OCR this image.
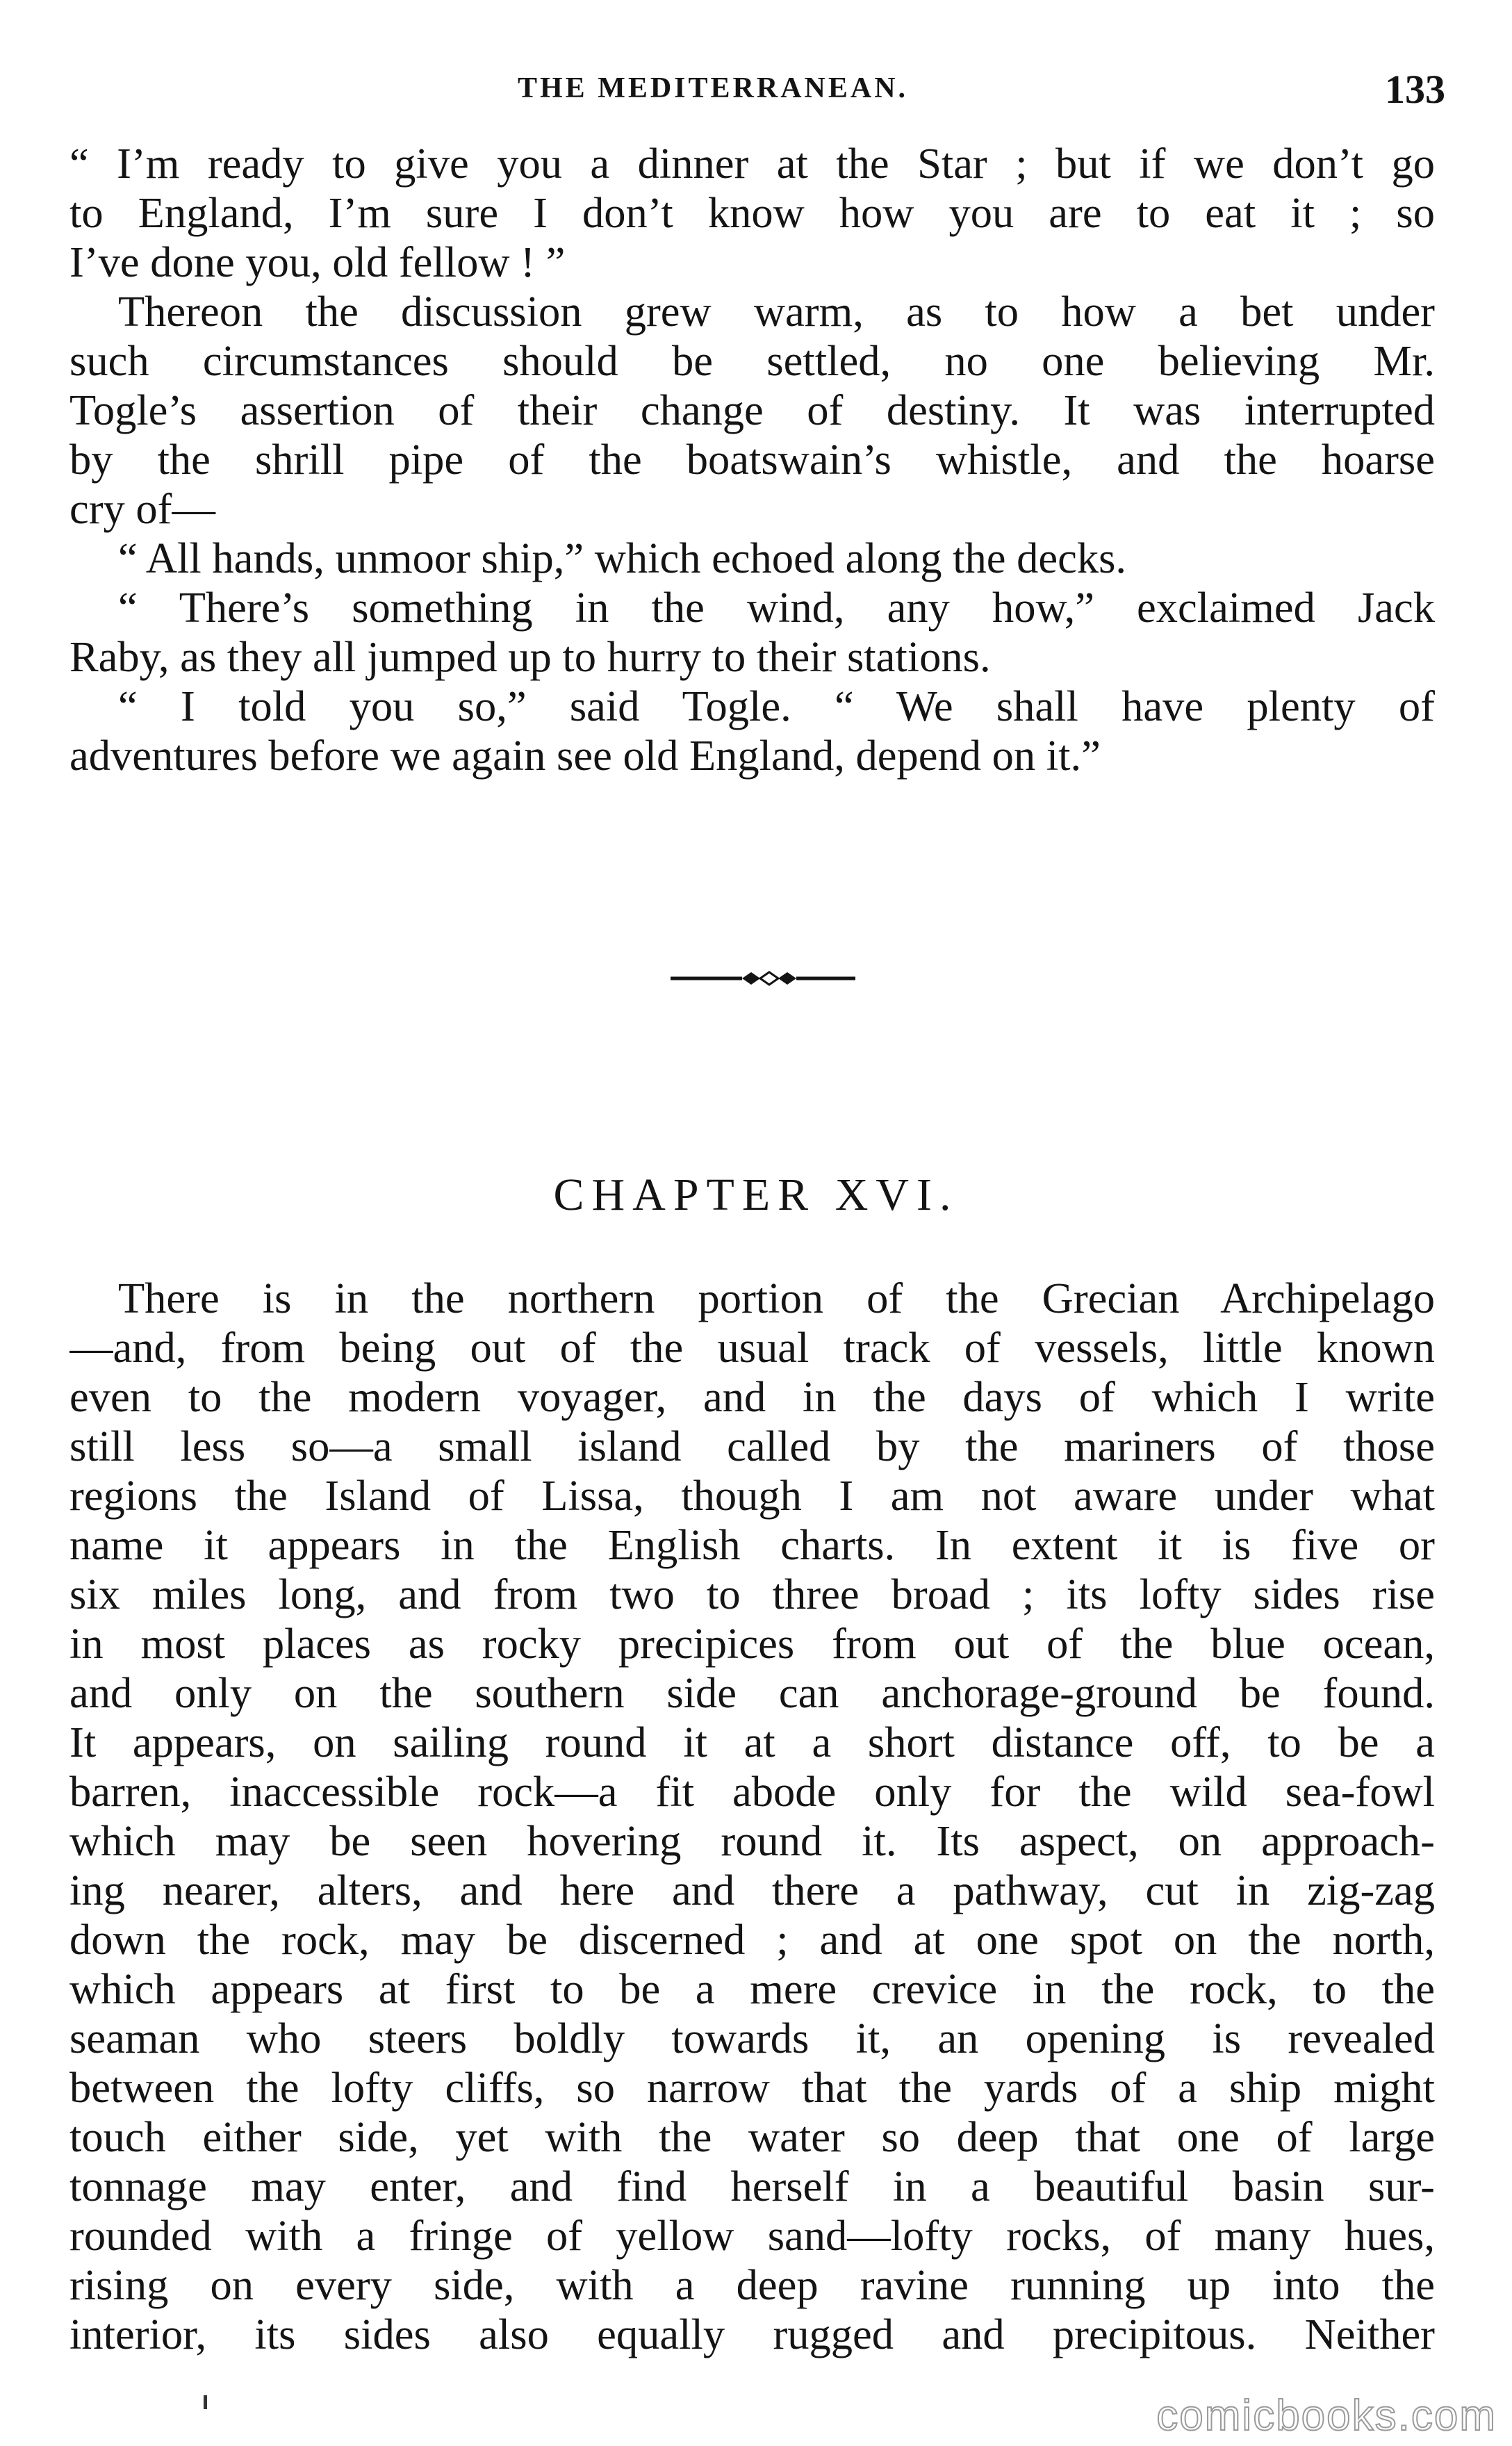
THE MEDITERRANEAN.	133
“ I’m ready to give you a dinner at the Star ; but if we don’t go
to England, I’m sure I don’t know how you are to eat it ; so
I’ve done you, old fellow ! ”
Thereon the discussion grew warm, as to how a bet under
such circumstances should be settled, no one believing Mr.
Togle’s assertion of their change of destiny. It was interrupted
by the shrill pipe of the boatswain’s whistle, and the hoarse
cry of—
“ All hands, unmoor ship,” which echoed along the decks.
“ There’s something in the wind, any how,” exclaimed Jack
Raby, as they all jumped up to hurry to their stations.
“ I told you so,” said Togle. “ We shall have plenty of
adventures before we again see old England, depend on it.”
CHAPTER XVI.
There is in the northern portion of the Grecian Archipelago
—and, from being out of the usual track of vessels, little known
even to the modern voyager, and in the days of which I write
still less so—a small island called by the mariners of those
regions the Island of Lissa, though I am not aware under what
name it appears in the English charts. In extent it is five or
six miles long, and from two to three broad ; its lofty sides rise
in most places as rocky precipices from out of the blue ocean,
and only on the southern side can anchorage-ground be found.
It appears, on sailing round it at a short distance off, to be a
barren, inaccessible rock—a fit abode only for the wild sea-fowl
which may be seen hovering round it. Its aspect, on approach-
ing nearer, alters, and here and there a pathway, cut in zig-zag
down the rock, may be discerned ; and at one spot on the north,
which appears at first to be a mere crevice in the rock, to the
seaman who steers boldly towards it, an opening is revealed
between the lofty cliffs, so narrow that the yards of a ship might
touch either side, yet with the water so deep that one of large
tonnage may enter, and find herself in a beautiful basin sur-
rounded with a fringe of yellow sand—lofty rocks, of many hues,
rising on every side, with a deep ravine running up into the
interior, its sides also equally rugged and precipitous. Neither
comicbooks.com
